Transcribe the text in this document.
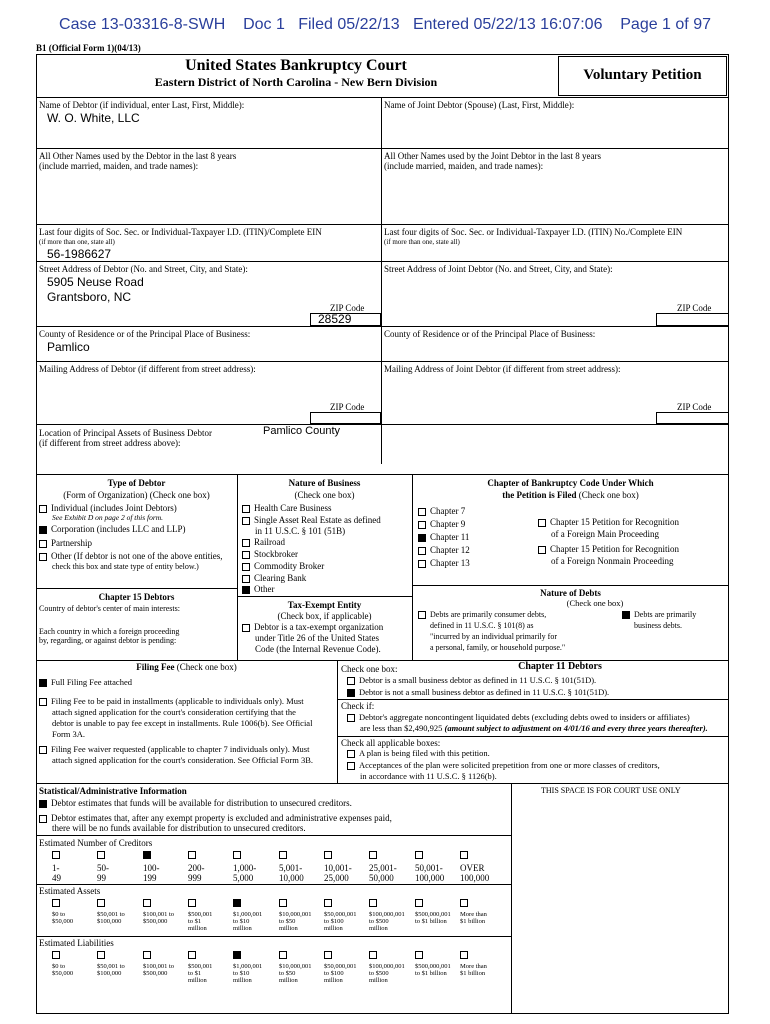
Case 13-03316-8-SWH    Doc 1   Filed 05/22/13   Entered 05/22/13 16:07:06    Page 1 of 97
B1 (Official Form 1)(04/13)
United States Bankruptcy Court
Eastern District of North Carolina - New Bern Division	Voluntary Petition
Name of Debtor (if individual, enter Last, First, Middle):
W. O. White, LLC
Name of Joint Debtor (Spouse) (Last, First, Middle):
All Other Names used by the Debtor in the last 8 years
(include married, maiden, and trade names):
All Other Names used by the Joint Debtor in the last 8 years
(include married, maiden, and trade names):
Last four digits of Soc. Sec. or Individual-Taxpayer I.D. (ITIN)/Complete EIN
(if more than one, state all)
56-1986627
Last four digits of Soc. Sec. or Individual-Taxpayer I.D. (ITIN) No./Complete EIN
(if more than one, state all)
Street Address of Debtor (No. and Street, City, and State):
5905 Neuse Road
Grantsboro, NC
ZIP Code
28529
Street Address of Joint Debtor (No. and Street, City, and State):
ZIP Code
County of Residence or of the Principal Place of Business:
Pamlico
County of Residence or of the Principal Place of Business:
Mailing Address of Debtor (if different from street address):
ZIP Code
Mailing Address of Joint Debtor (if different from street address):
ZIP Code
Location of Principal Assets of Business Debtor
(if different from street address above):
Pamlico County
Type of Debtor
(Form of Organization) (Check one box)
Individual (includes Joint Debtors)
See Exhibit D on page 2 of this form.
Corporation (includes LLC and LLP)
Partnership
Other (If debtor is not one of the above entities,
check this box and state type of entity below.)
Chapter 15 Debtors
Country of debtor's center of main interests:
Each country in which a foreign proceeding
by, regarding, or against debtor is pending:
Nature of Business
(Check one box)
Health Care Business
Single Asset Real Estate as defined
in 11 U.S.C. § 101 (51B)
Railroad
Stockbroker
Commodity Broker
Clearing Bank
Other
Tax-Exempt Entity
(Check box, if applicable)
Debtor is a tax-exempt organization
under Title 26 of the United States
Code (the Internal Revenue Code).
Chapter of Bankruptcy Code Under Which
the Petition is Filed (Check one box)
Chapter 7
Chapter 9
Chapter 11
Chapter 12
Chapter 13
Chapter 15 Petition for Recognition
of a Foreign Main Proceeding
Chapter 15 Petition for Recognition
of a Foreign Nonmain Proceeding
Nature of Debts
(Check one box)
Debts are primarily consumer debts,
defined in 11 U.S.C. § 101(8) as
"incurred by an individual primarily for
a personal, family, or household purpose."
Debts are primarily
business debts.
Filing Fee (Check one box)
Full Filing Fee attached
Filing Fee to be paid in installments (applicable to individuals only). Must
attach signed application for the court's consideration certifying that the
debtor is unable to pay fee except in installments. Rule 1006(b). See Official
Form 3A.
Filing Fee waiver requested (applicable to chapter 7 individuals only). Must
attach signed application for the court's consideration. See Official Form 3B.
Check one box:	Chapter 11 Debtors
Debtor is a small business debtor as defined in 11 U.S.C. § 101(51D).
Debtor is not a small business debtor as defined in 11 U.S.C. § 101(51D).
Check if:
Debtor's aggregate noncontingent liquidated debts (excluding debts owed to insiders or affiliates)
are less than $2,490,925 (amount subject to adjustment on 4/01/16 and every three years thereafter).
Check all applicable boxes:
A plan is being filed with this petition.
Acceptances of the plan were solicited prepetition from one or more classes of creditors,
in accordance with 11 U.S.C. § 1126(b).
Statistical/Administrative Information	THIS SPACE IS FOR COURT USE ONLY
Debtor estimates that funds will be available for distribution to unsecured creditors.
Debtor estimates that, after any exempt property is excluded and administrative expenses paid,
there will be no funds available for distribution to unsecured creditors.
Estimated Number of Creditors
1-
49
50-
99
100-
199
200-
999
1,000-
5,000
5,001-
10,000
10,001-
25,000
25,001-
50,000
50,001-
100,000
OVER
100,000
Estimated Assets
$0 to
$50,000
$50,001 to
$100,000
$100,001 to
$500,000
$500,001
to $1
million
$1,000,001
to $10
million
$10,000,001
to $50
million
$50,000,001
to $100
million
$100,000,001
to $500
million
$500,000,001
to $1 billion
More than
$1 billion
Estimated Liabilities
$0 to
$50,000
$50,001 to
$100,000
$100,001 to
$500,000
$500,001
to $1
million
$1,000,001
to $10
million
$10,000,001
to $50
million
$50,000,001
to $100
million
$100,000,001
to $500
million
$500,000,001
to $1 billion
More than
$1 billion
